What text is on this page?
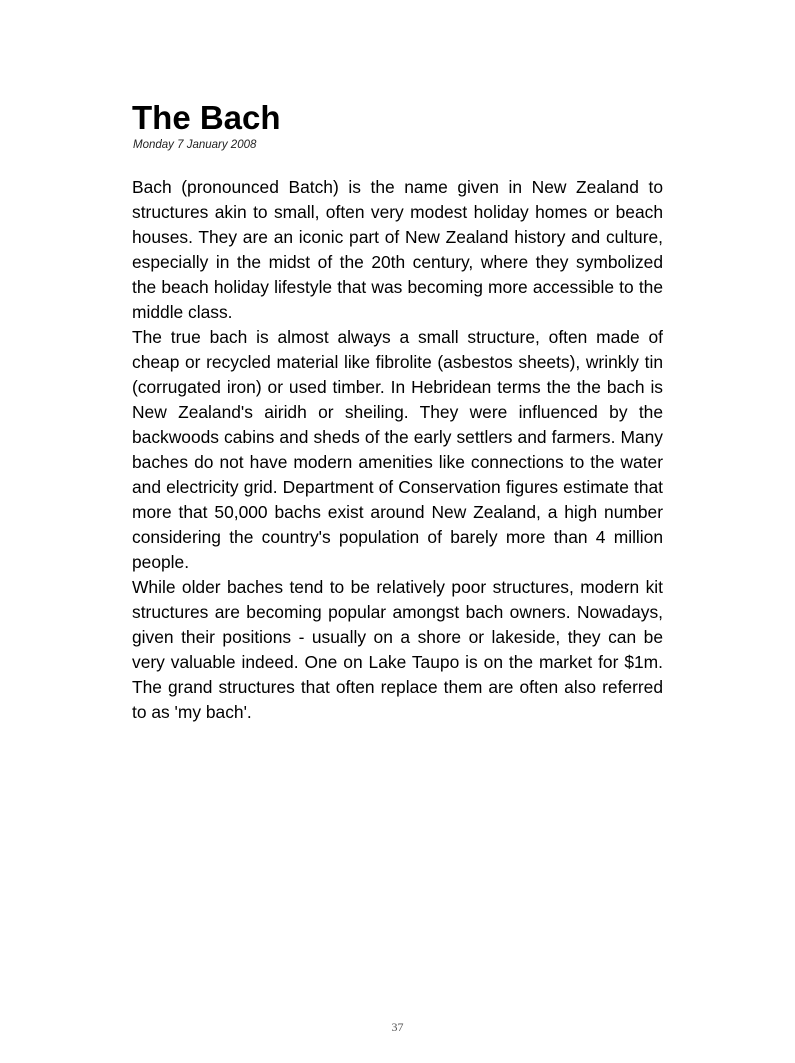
The Bach
Monday 7 January 2008

Bach (pronounced Batch) is the name given in New Zealand to structures akin to small, often very modest holiday homes or beach houses. They are an iconic part of New Zealand history and culture, especially in the midst of the 20th century, where they symbolized the beach holiday lifestyle that was becoming more accessible to the middle class.

The true bach is almost always a small structure, often made of cheap or recycled material like fibrolite (asbestos sheets), wrinkly tin (corrugated iron) or used timber. In Hebridean terms the the bach is New Zealand's airidh or sheiling. They were influenced by the backwoods cabins and sheds of the early settlers and farmers. Many baches do not have modern amenities like connections to the water and electricity grid. Department of Conservation figures estimate that more that 50,000 bachs exist around New Zealand, a high number considering the country's population of barely more than 4 million people.

While older baches tend to be relatively poor structures, modern kit structures are becoming popular amongst bach owners. Nowadays, given their positions - usually on a shore or lakeside, they can be very valuable indeed. One on Lake Taupo is on the market for $1m. The grand structures that often replace them are often also referred to as 'my bach'.

37
